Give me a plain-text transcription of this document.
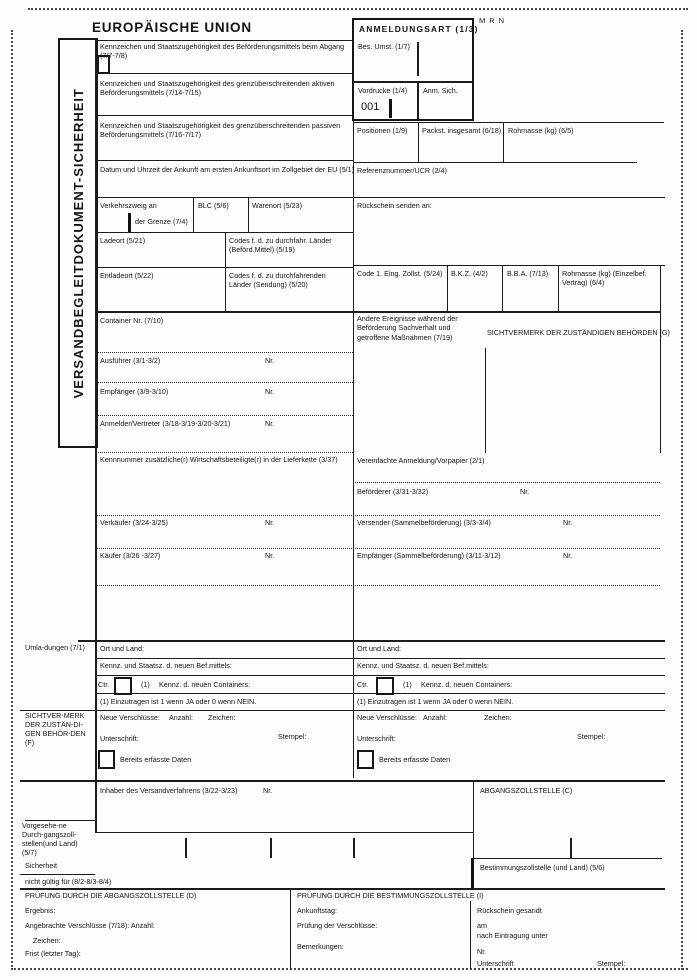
EUROPÄISCHE UNION	MRN
VERSANDBEGLEITDOKUMENT-SICHERHEIT
ANMELDUNGSART (1/3)
Bes. Umst. (1/7)
Vordrucke (1/4)
001
Anm. Sich.
Kennzeichen und Staatszugehörigkeit des Beförderungsmittels beim Abgang (7/7-7/8)
Kennzeichen und Staatszugehörigkeit des grenzüberschreitenden aktiven Beförderungsmittels (7/14-7/15)
Kennzeichen und Staatszugehörigkeit des grenzüberschreitenden passiven Beförderungsmittels (7/16-7/17)
Datum und Uhrzeit der Ankunft am ersten Ankunftsort im Zollgebiet der EU (5/1)
Verkehrszweig an
der Grenze (7/4)
BLC (5/6)	Warenort (5/23)
Ladeort (5/21)	Codes f. d. zu durchfahr. Länder (Beförd.Mittel) (5/19)
Entladeort (5/22)	Codes f. d. zu durchfahrenden Länder (Sendung) (5/20)
Container Nr. (7/10)
Ausführer (3/1-3/2)	Nr.
Empfänger (3/9-3/10)	Nr.
Anmelder/Vertreter (3/18-3/19-3/20-3/21)	Nr.
Kennnummer zusätzliche(r) Wirtschaftsbeteiligte(r) in der Lieferkette (3/37)
Verkäufer (3/24-3/25)	Nr.
Käufer (3/26 -3/27)	Nr.
Positionen (1/9) Packst. insgesamt (6/18) Rohmasse (kg) (6/5)
Referenznummer/UCR (2/4)
Rückschein senden an:
Code 1. Eing. Zollst. (5/24) B.K.Z. (4/2)	B.B.A. (7/13) Rohmasse (kg) (Einzelbef. Vertrag) (6/4)
Andere Ereignisse während der Beförderung Sachverhalt und getroffene Maßnahmen (7/19)
SICHTVERMERK DER ZUSTÄNDIGEN BEHÖRDEN (G)
Vereinfachte Anmeldung/Vorpapier (2/1)
Beförderer (3/31-3/32)	Nr.
Versender (Sammelbeförderung) (3/3-3/4)	Nr.
Empfänger (Sammelbeförderung) (3/11-3/12)	Nr.
Umla-dungen (7/1) Ort und Land:
Kennz. und Staatsz. d. neuen Bef.mittels:
Ctr.	(1) Kennz. d. neuen Containers:
(1) Einzutragen ist 1 wenn JA oder 0 wenn NEIN.
Ort und Land:
Kennz. und Staatsz. d. neuen Bef.mittels:
Ctr.	(1) Kennz. d. neuen Containers:
(1) Einzutragen ist 1 wenn JA oder 0 wenn NEIN.
SICHTVER-MERK
DER ZUSTÄN-DI-
GEN BEHÖR-DEN
(F)
Neue Verschlüsse: Anzahl: Zeichen:
Unterschrift:	Stempel:
Bereits erfasste Daten
Neue Verschlüsse: Anzahl:	Zeichen:
Unterschrift:	Stempel:
Bereits erfasste Daten
Inhaber des Versandverfahrens (3/22-3/23)	Nr.	ABGANGSZOLLSTELLE (C)
Vorgesehe-ne
Durch-gangszoll-
stellen(und Land)
(5/7)
Sicherheit
nicht gültig für (8/2-8/3-8/4)
Bestimmungszollstelle (und Land) (5/6)
PRÜFUNG DURCH DIE ABGANGSZOLLSTELLE (D)
Ergebnis:
Angebrachte Verschlüsse (7/18): Anzahl:
Zeichen:
Frist (letzter Tag):
PRÜFUNG DURCH DIE BESTIMMUNGSZOLLSTELLE (I)
Ankunftstag:
Prüfung der Verschlüsse:
Bemerkungen:
Rückschein gesandt
am
nach Eintragung unter
Nr.
Unterschrift	Stempel:
